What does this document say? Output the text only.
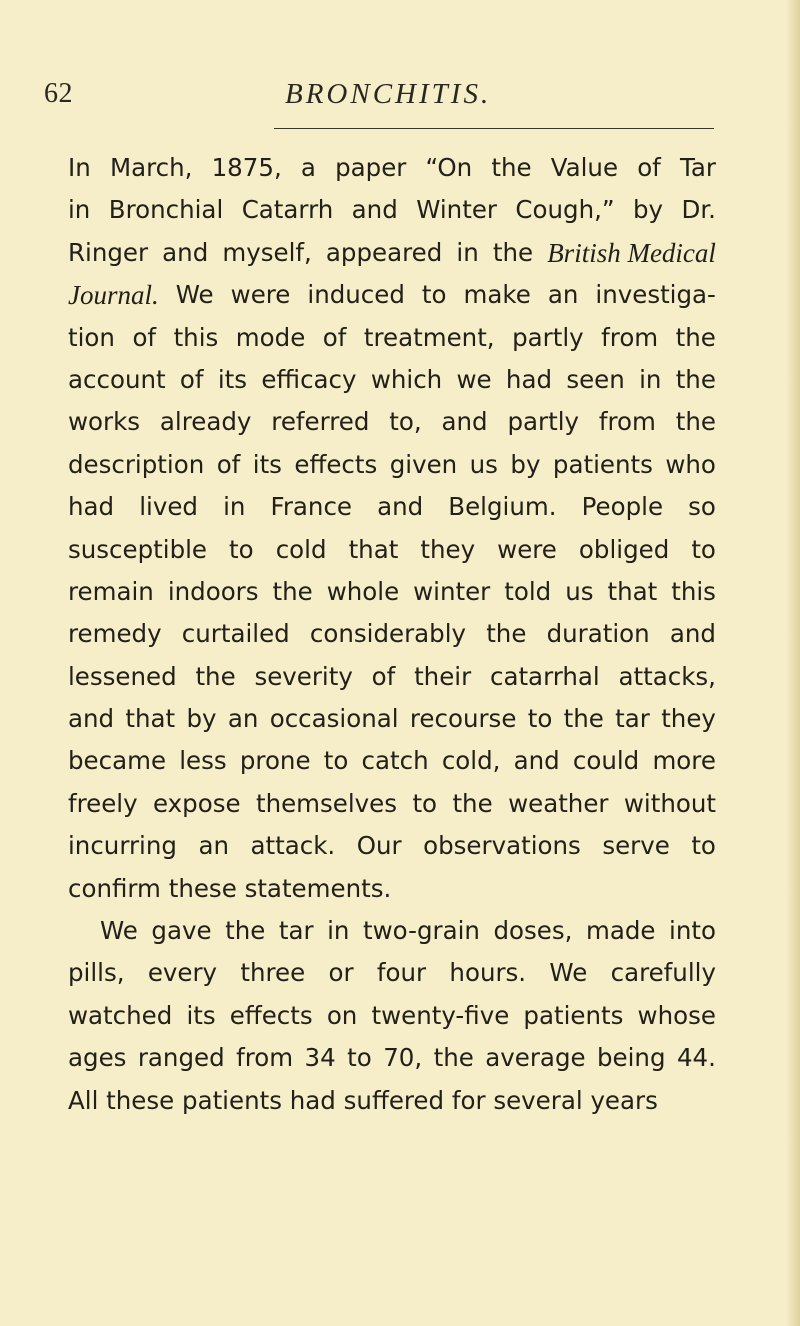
62	BRONCHITIS.
In March, 1875, a paper “On the Value of Tar
in Bronchial Catarrh and Winter Cough,” by Dr.
Ringer and myself, appeared in the British Medical
Journal. We were induced to make an investiga-
tion of this mode of treatment, partly from the
account of its efficacy which we had seen in the
works already referred to, and partly from the
description of its effects given us by patients who
had lived in France and Belgium. People so
susceptible to cold that they were obliged to
remain indoors the whole winter told us that this
remedy curtailed considerably the duration and
lessened the severity of their catarrhal attacks,
and that by an occasional recourse to the tar they
became less prone to catch cold, and could more
freely expose themselves to the weather without
incurring an attack. Our observations serve to
confirm these statements.
We gave the tar in two-grain doses, made into
pills, every three or four hours. We carefully
watched its effects on twenty-five patients whose
ages ranged from 34 to 70, the average being 44.
All these patients had suffered for several years
